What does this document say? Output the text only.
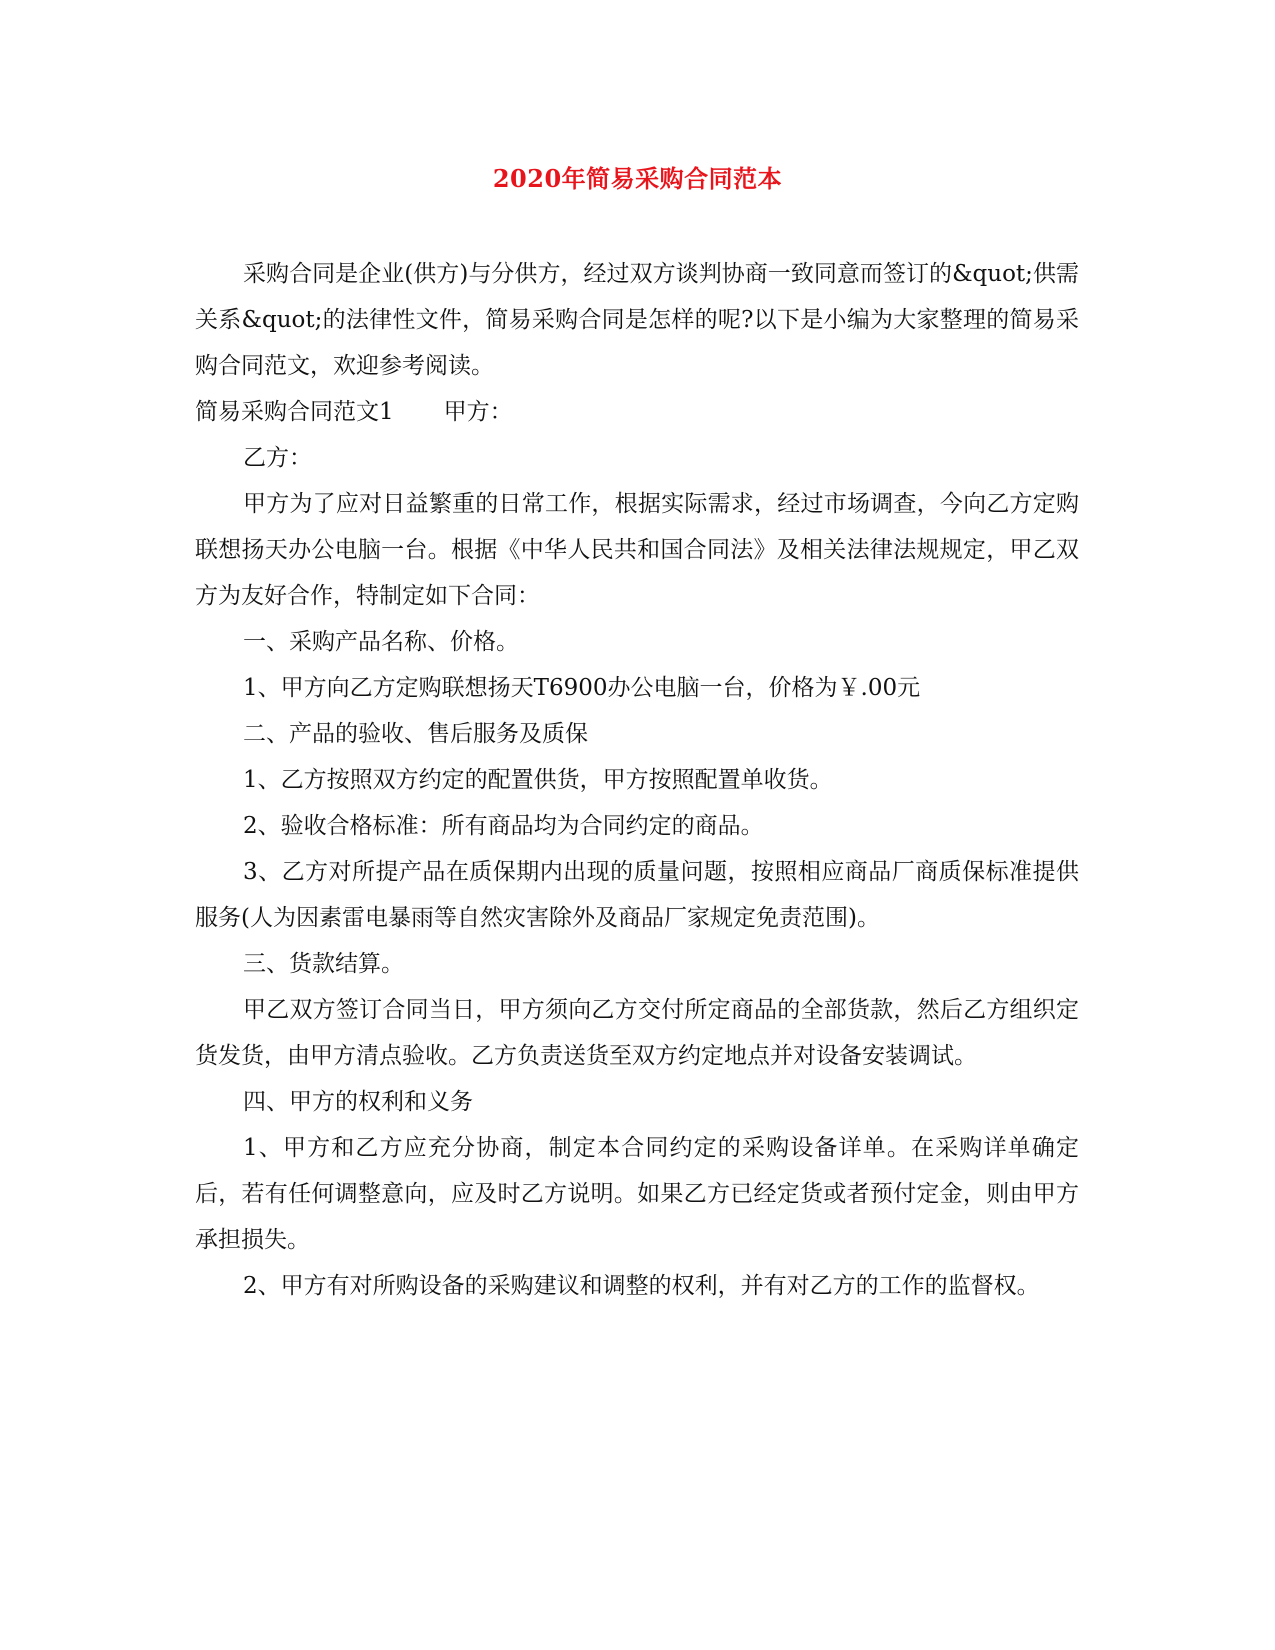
2020年简易采购合同范本

采购合同是企业(供方)与分供方，经过双方谈判协商一致同意而签订的&quot;供需关系&quot;的法律性文件，简易采购合同是怎样的呢?以下是小编为大家整理的简易采购合同范文，欢迎参考阅读。

简易采购合同范文1 甲方：

乙方：

甲方为了应对日益繁重的日常工作，根据实际需求，经过市场调查，今向乙方定购联想扬天办公电脑一台。根据《中华人民共和国合同法》及相关法律法规规定，甲乙双方为友好合作，特制定如下合同：

一、采购产品名称、价格。

1、甲方向乙方定购联想扬天T6900办公电脑一台，价格为￥.00元

二、产品的验收、售后服务及质保

1、乙方按照双方约定的配置供货，甲方按照配置单收货。

2、验收合格标准：所有商品均为合同约定的商品。

3、乙方对所提产品在质保期内出现的质量问题，按照相应商品厂商质保标准提供服务(人为因素雷电暴雨等自然灾害除外及商品厂家规定免责范围)。

三、货款结算。

甲乙双方签订合同当日，甲方须向乙方交付所定商品的全部货款，然后乙方组织定货发货，由甲方清点验收。乙方负责送货至双方约定地点并对设备安装调试。

四、甲方的权利和义务

1、甲方和乙方应充分协商，制定本合同约定的采购设备详单。在采购详单确定后，若有任何调整意向，应及时乙方说明。如果乙方已经定货或者预付定金，则由甲方承担损失。

2、甲方有对所购设备的采购建议和调整的权利，并有对乙方的工作的监督权。
